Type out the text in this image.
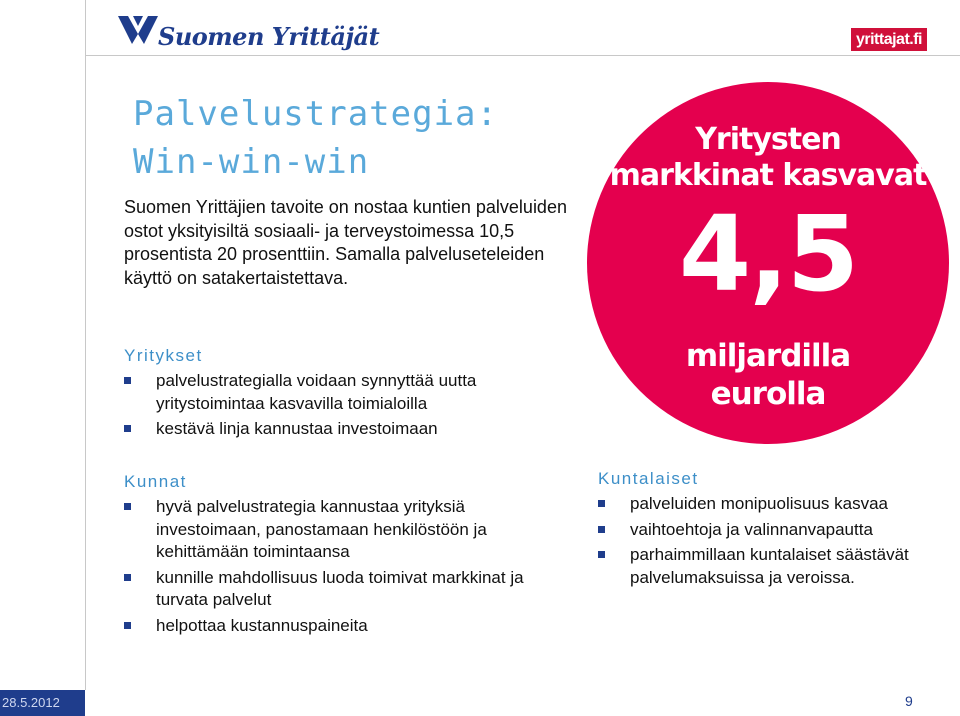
Suomen Yrittäjät	yrittajat.fi
Palvelustrategia:
Win-win-win
Suomen Yrittäjien tavoite on nostaa kuntien palveluiden ostot yksityisiltä sosiaali- ja terveystoimessa 10,5 prosentista 20 prosenttiin. Samalla palveluseteleiden käyttö on satakertaistettava.
Yritykset
palvelustrategialla voidaan synnyttää uutta yritystoimintaa kasvavilla toimialoilla
kestävä linja kannustaa investoimaan
Kunnat
hyvä palvelustrategia kannustaa yrityksiä investoimaan, panostamaan henkilöstöön ja kehittämään toimintaansa
kunnille mahdollisuus luoda toimivat markkinat ja turvata palvelut
helpottaa kustannuspaineita
Kuntalaiset
palveluiden monipuolisuus kasvaa
vaihtoehtoja ja valinnanvapautta
parhaimmillaan kuntalaiset säästävät palvelumaksuissa ja veroissa.
Yritysten
markkinat kasvavat
4,5
miljardilla
eurolla
28.5.2012	9
